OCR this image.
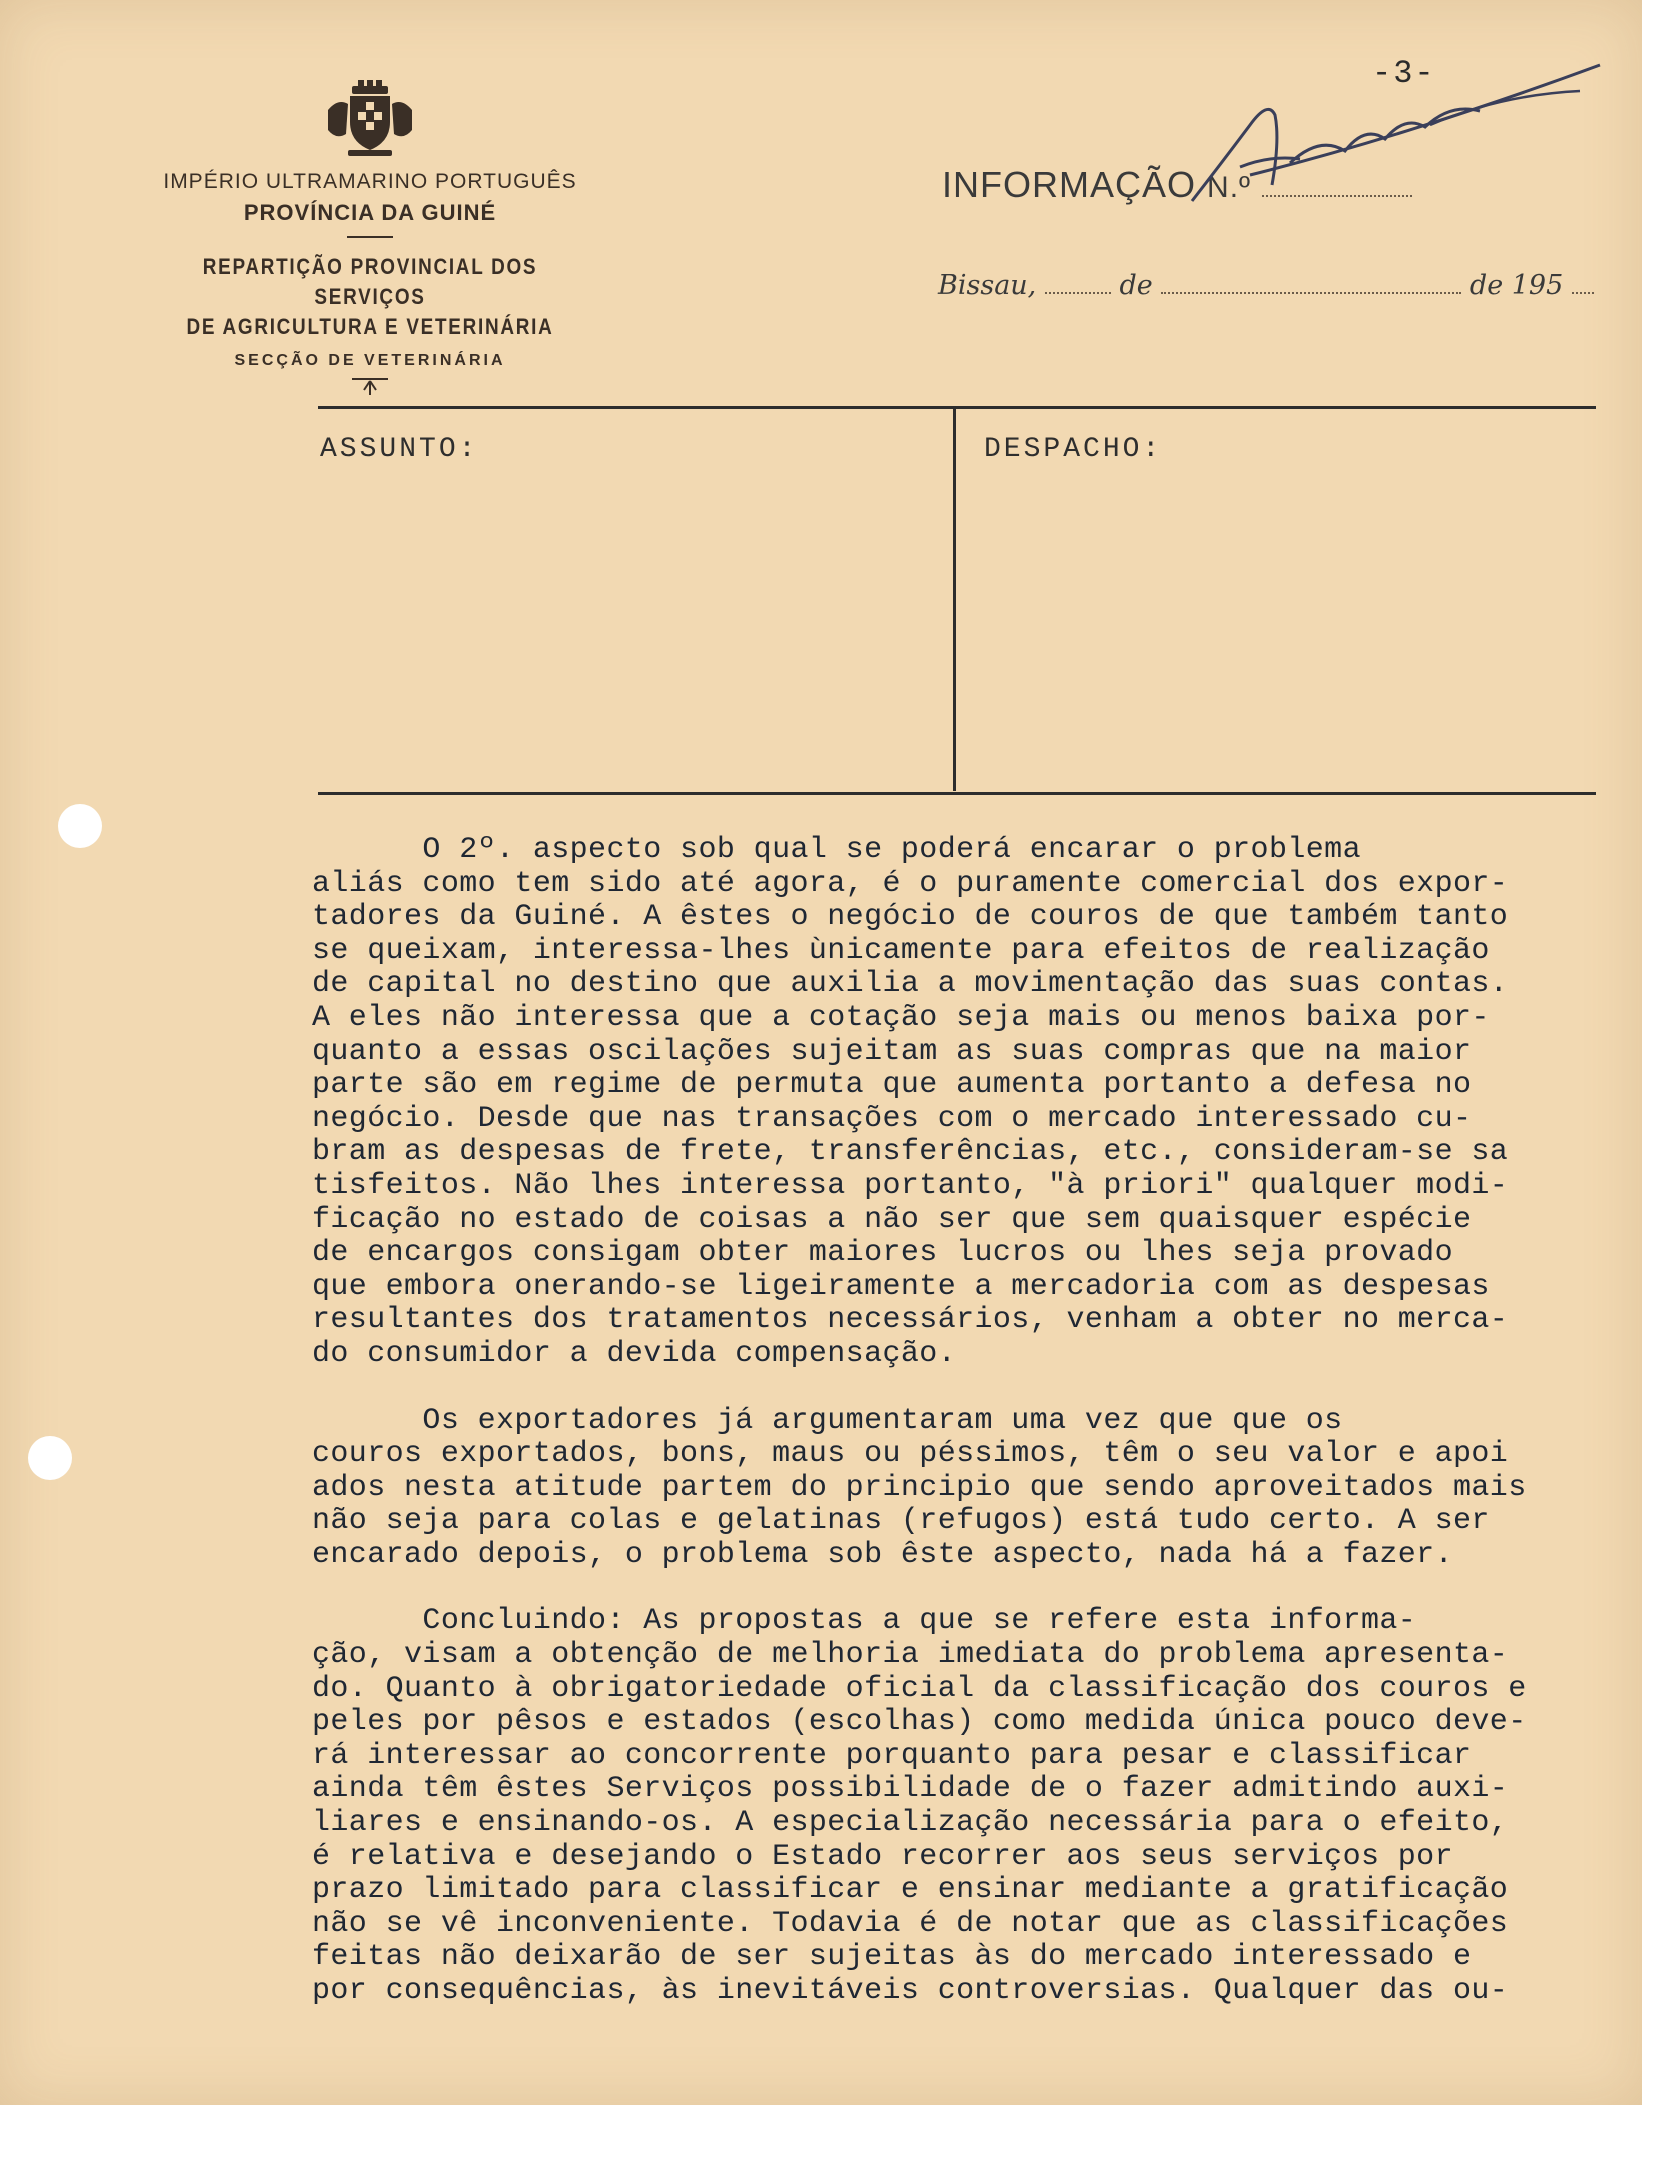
IMPÉRIO ULTRAMARINO PORTUGUÊS
PROVÍNCIA DA GUINÉ
REPARTIÇÃO PROVINCIAL DOS SERVIÇOS
DE AGRICULTURA E VETERINÁRIA
SECÇÃO DE VETERINÁRIA
-3-
INFORMAÇÃO N.º
Bissau,	de	de 195
ASSUNTO:	DESPACHO:
O 2º. aspecto sob qual se poderá encarar o problema
aliás como tem sido até agora, é o puramente comercial dos expor-
tadores da Guiné. A êstes o negócio de couros de que também tanto
se queixam, interessa-lhes ùnicamente para efeitos de realização
de capital no destino que auxilia a movimentação das suas contas.
A eles não interessa que a cotação seja mais ou menos baixa por-
quanto a essas oscilações sujeitam as suas compras que na maior
parte são em regime de permuta que aumenta portanto a defesa no
negócio. Desde que nas transações com o mercado interessado cu-
bram as despesas de frete, transferências, etc., consideram-se sa
tisfeitos. Não lhes interessa portanto, "à priori" qualquer modi-
ficação no estado de coisas a não ser que sem quaisquer espécie
de encargos consigam obter maiores lucros ou lhes seja provado
que embora onerando-se ligeiramente a mercadoria com as despesas
resultantes dos tratamentos necessários, venham a obter no merca-
do consumidor a devida compensação.
Os exportadores já argumentaram uma vez que que os
couros exportados, bons, maus ou péssimos, têm o seu valor e apoi
ados nesta atitude partem do principio que sendo aproveitados mais
não seja para colas e gelatinas (refugos) está tudo certo. A ser
encarado depois, o problema sob êste aspecto, nada há a fazer.
Concluindo: As propostas a que se refere esta informa-
ção, visam a obtenção de melhoria imediata do problema apresenta-
do. Quanto à obrigatoriedade oficial da classificação dos couros e
peles por pêsos e estados (escolhas) como medida única pouco deve-
rá interessar ao concorrente porquanto para pesar e classificar
ainda têm êstes Serviços possibilidade de o fazer admitindo auxi-
liares e ensinando-os. A especialização necessária para o efeito,
é relativa e desejando o Estado recorrer aos seus serviços por
prazo limitado para classificar e ensinar mediante a gratificação
não se vê inconveniente. Todavia é de notar que as classificações
feitas não deixarão de ser sujeitas às do mercado interessado e
por consequências, às inevitáveis controversias. Qualquer das ou-
